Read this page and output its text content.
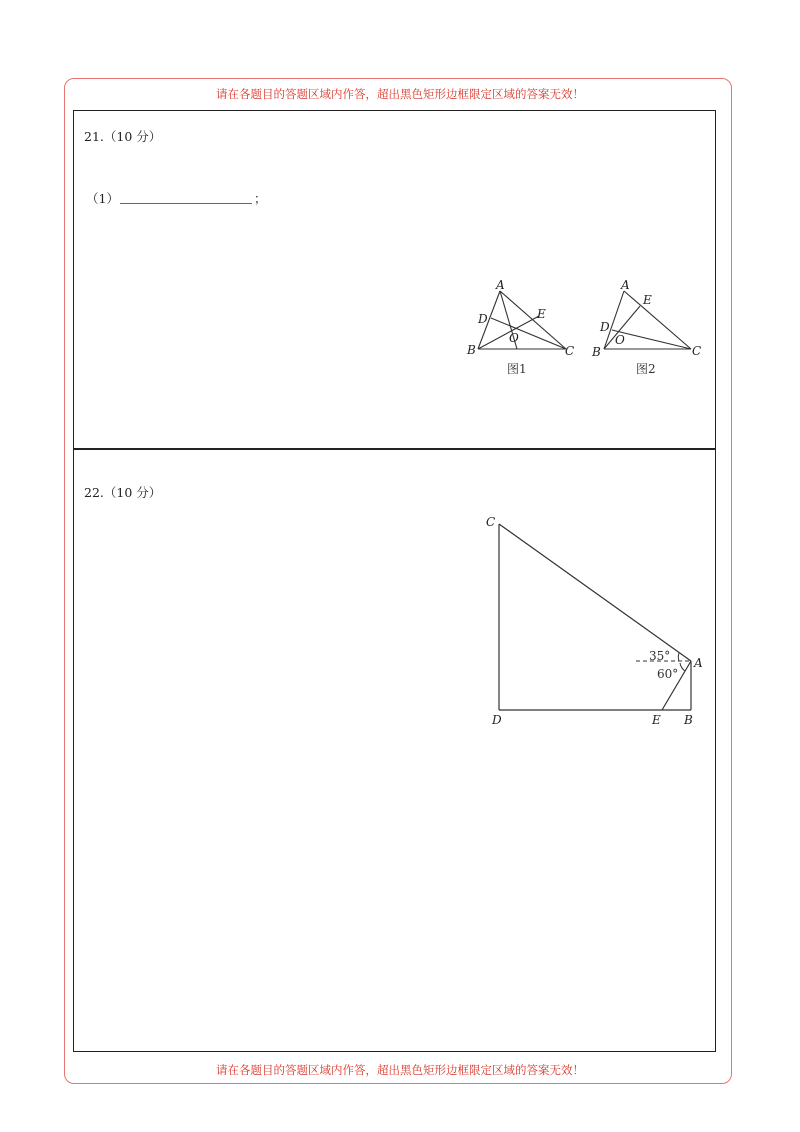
请在各题目的答题区域内作答，超出黑色矩形边框限定区域的答案无效！
21.（10 分）
（1）	；
A
B	C
D	E
O
图1
A
B	C
D
E
O
图2
22.（10 分）
C
A
D	E B
35°
60°
请在各题目的答题区域内作答，超出黑色矩形边框限定区域的答案无效！
